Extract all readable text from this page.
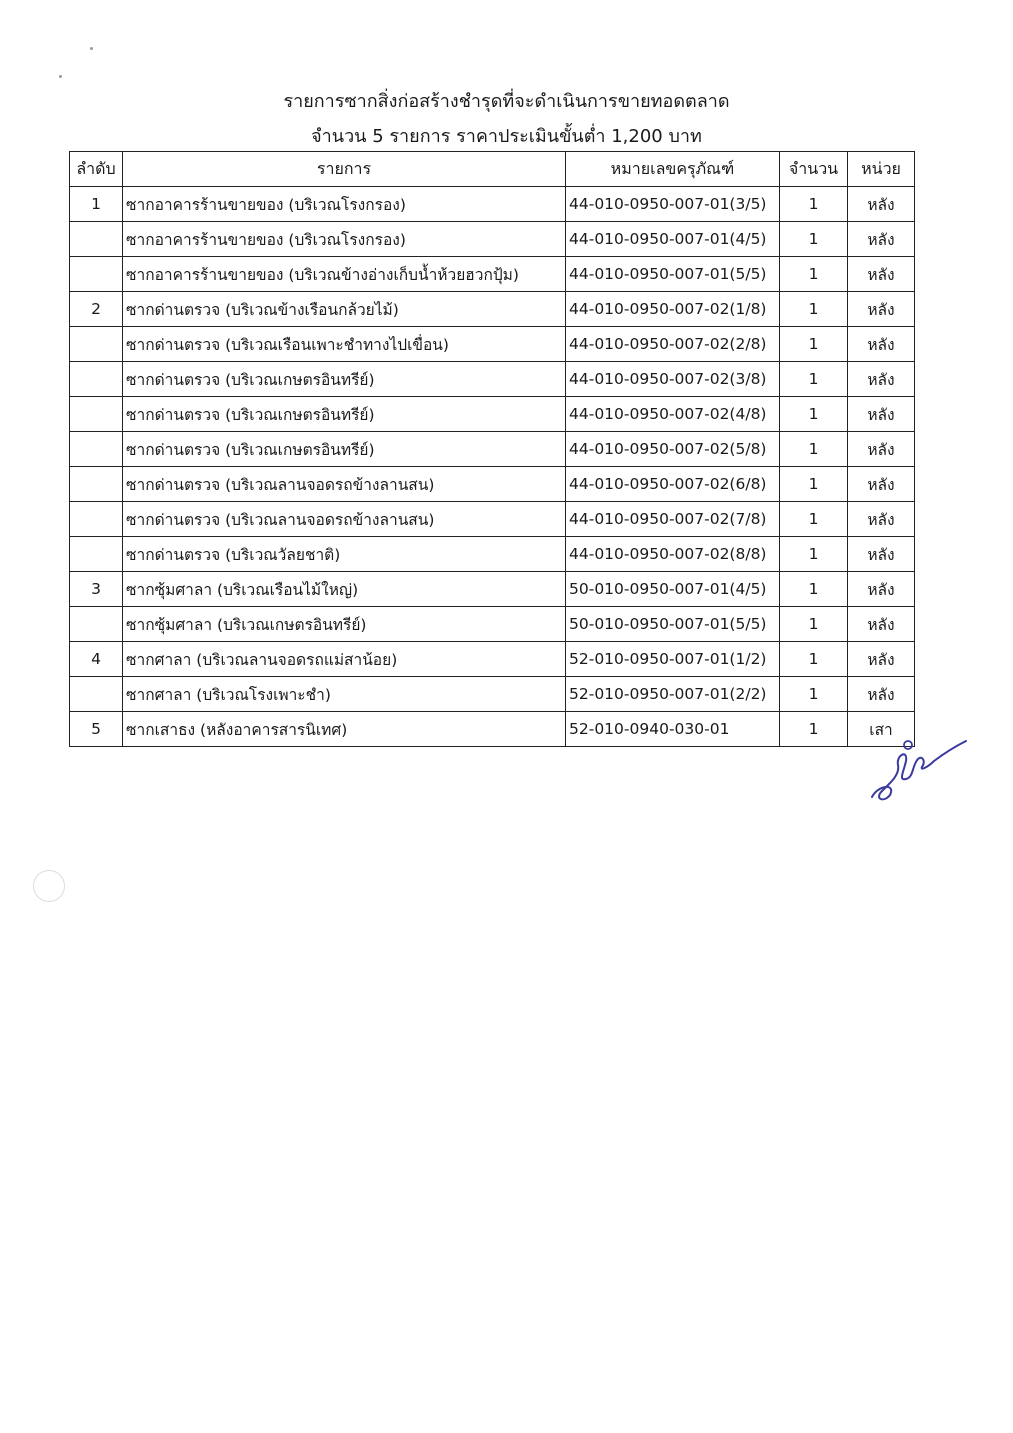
รายการซากสิ่งก่อสร้างชำรุดที่จะดำเนินการขายทอดตลาด
จำนวน 5 รายการ ราคาประเมินขั้นต่ำ 1,200 บาท
ลำดับ	รายการ	หมายเลขครุภัณฑ์	จำนวน	หน่วย
1	ซากอาคารร้านขายของ (บริเวณโรงกรอง)	44-010-0950-007-01(3/5)	1	หลัง
	ซากอาคารร้านขายของ (บริเวณโรงกรอง)	44-010-0950-007-01(4/5)	1	หลัง
	ซากอาคารร้านขายของ (บริเวณข้างอ่างเก็บน้ำห้วยฮวกปุ้ม)	44-010-0950-007-01(5/5)	1	หลัง
2	ซากด่านตรวจ (บริเวณข้างเรือนกล้วยไม้)	44-010-0950-007-02(1/8)	1	หลัง
	ซากด่านตรวจ (บริเวณเรือนเพาะชำทางไปเขื่อน)	44-010-0950-007-02(2/8)	1	หลัง
	ซากด่านตรวจ (บริเวณเกษตรอินทรีย์)	44-010-0950-007-02(3/8)	1	หลัง
	ซากด่านตรวจ (บริเวณเกษตรอินทรีย์)	44-010-0950-007-02(4/8)	1	หลัง
	ซากด่านตรวจ (บริเวณเกษตรอินทรีย์)	44-010-0950-007-02(5/8)	1	หลัง
	ซากด่านตรวจ (บริเวณลานจอดรถข้างลานสน)	44-010-0950-007-02(6/8)	1	หลัง
	ซากด่านตรวจ (บริเวณลานจอดรถข้างลานสน)	44-010-0950-007-02(7/8)	1	หลัง
	ซากด่านตรวจ (บริเวณวัลยชาติ)	44-010-0950-007-02(8/8)	1	หลัง
3	ซากซุ้มศาลา (บริเวณเรือนไม้ใหญ่)	50-010-0950-007-01(4/5)	1	หลัง
	ซากซุ้มศาลา (บริเวณเกษตรอินทรีย์)	50-010-0950-007-01(5/5)	1	หลัง
4	ซากศาลา (บริเวณลานจอดรถแม่สาน้อย)	52-010-0950-007-01(1/2)	1	หลัง
	ซากศาลา (บริเวณโรงเพาะชำ)	52-010-0950-007-01(2/2)	1	หลัง
5	ซากเสาธง (หลังอาคารสารนิเทศ)	52-010-0940-030-01	1	เสา
